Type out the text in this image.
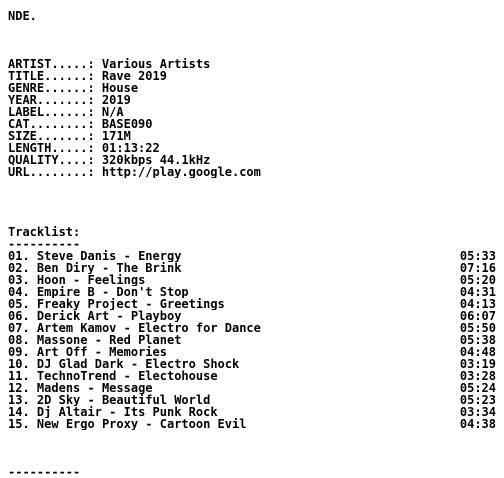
NDE.
ARTIST.....: Various Artists
TITLE......: Rave 2019
GENRE......: House
YEAR.......: 2019
LABEL......: N/A
CAT........: BASE090
SIZE.......: 171M
LENGTH.....: 01:13:22
QUALITY....: 320kbps 44.1kHz
URL........: http://play.google.com
Tracklist:
----------
01. Steve Danis - Energy	05:33
02. Ben Diry - The Brink	07:16
03. Hoon - Feelings	05:20
04. Empire B - Don't Stop	04:31
05. Freaky Project - Greetings	04:13
06. Derick Art - Playboy	06:07
07. Artem Kamov - Electro for Dance	05:50
08. Massone - Red Planet	05:38
09. Art Off - Memories	04:48
10. DJ Glad Dark - Electro Shock	03:19
11. TechnoTrend - Electohouse	03:28
12. Madens - Message	05:24
13. 2D Sky - Beautiful World	05:23
14. Dj Altair - Its Punk Rock	03:34
15. New Ergo Proxy - Cartoon Evil	04:38
----------
